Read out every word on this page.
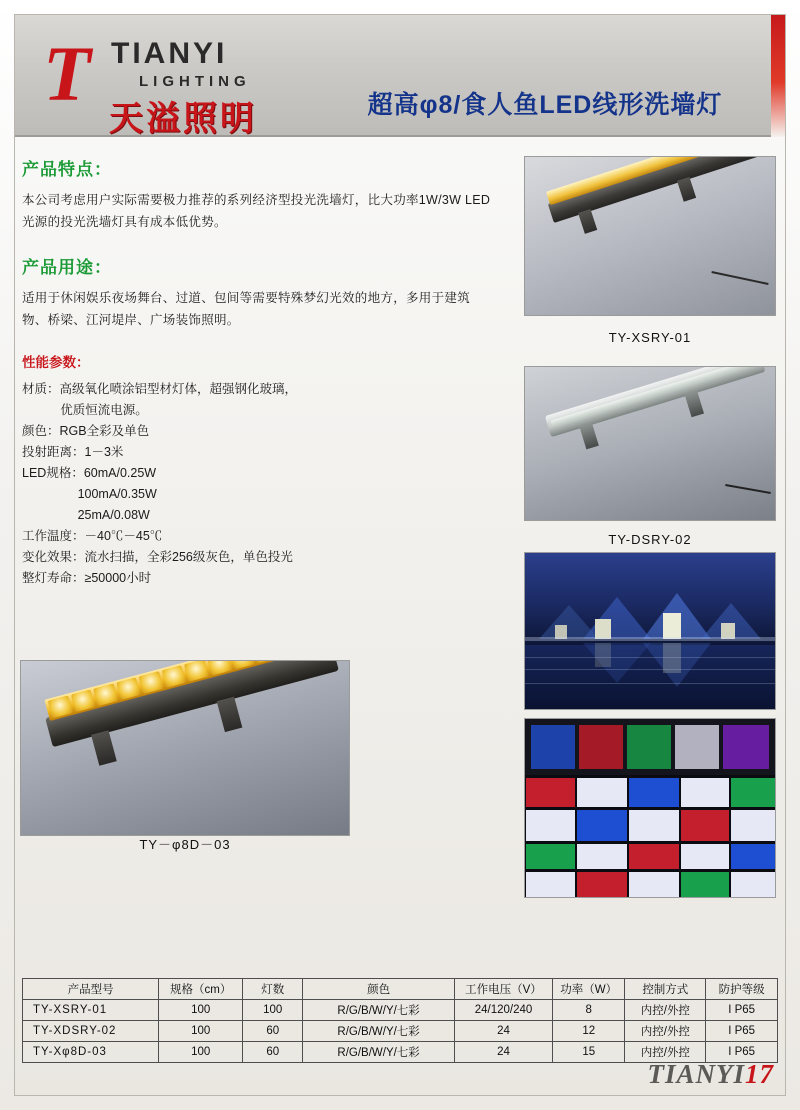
T TIANYI
LIGHTING
天溢照明	超高φ8/食人鱼LED线形洗墙灯
产品特点：
本公司考虑用户实际需要极力推荐的系列经济型投光洗墙灯，比大功率1W/3W LED光源的投光洗墙灯具有成本低优势。
产品用途：
适用于休闲娱乐夜场舞台、过道、包间等需要特殊梦幻光效的地方，多用于建筑物、桥梁、江河堤岸、广场装饰照明。
性能参数：
材质：高级氧化喷涂铝型材灯体，超强钢化玻璃，
优质恒流电源。
颜色：RGB全彩及单色
投射距离：1－3米
LED规格：60mA/0.25W
100mA/0.35W
25mA/0.08W
工作温度：－40℃－45℃
变化效果：流水扫描，全彩256级灰色，单色投光
整灯寿命：≥50000小时
TY-XSRY-01
TY-DSRY-02
TY－φ8D－03
产品型号	规格（cm）	灯数	颜色	工作电压（V）	功率（W）	控制方式	防护等级
TY-XSRY-01	100	100	R/G/B/W/Y/七彩	24/120/240	8	内控/外控	I P65
TY-XDSRY-02	100	60	R/G/B/W/Y/七彩	24	12	内控/外控	I P65
TY-Xφ8D-03	100	60	R/G/B/W/Y/七彩	24	15	内控/外控	I P65
TIANYI17
